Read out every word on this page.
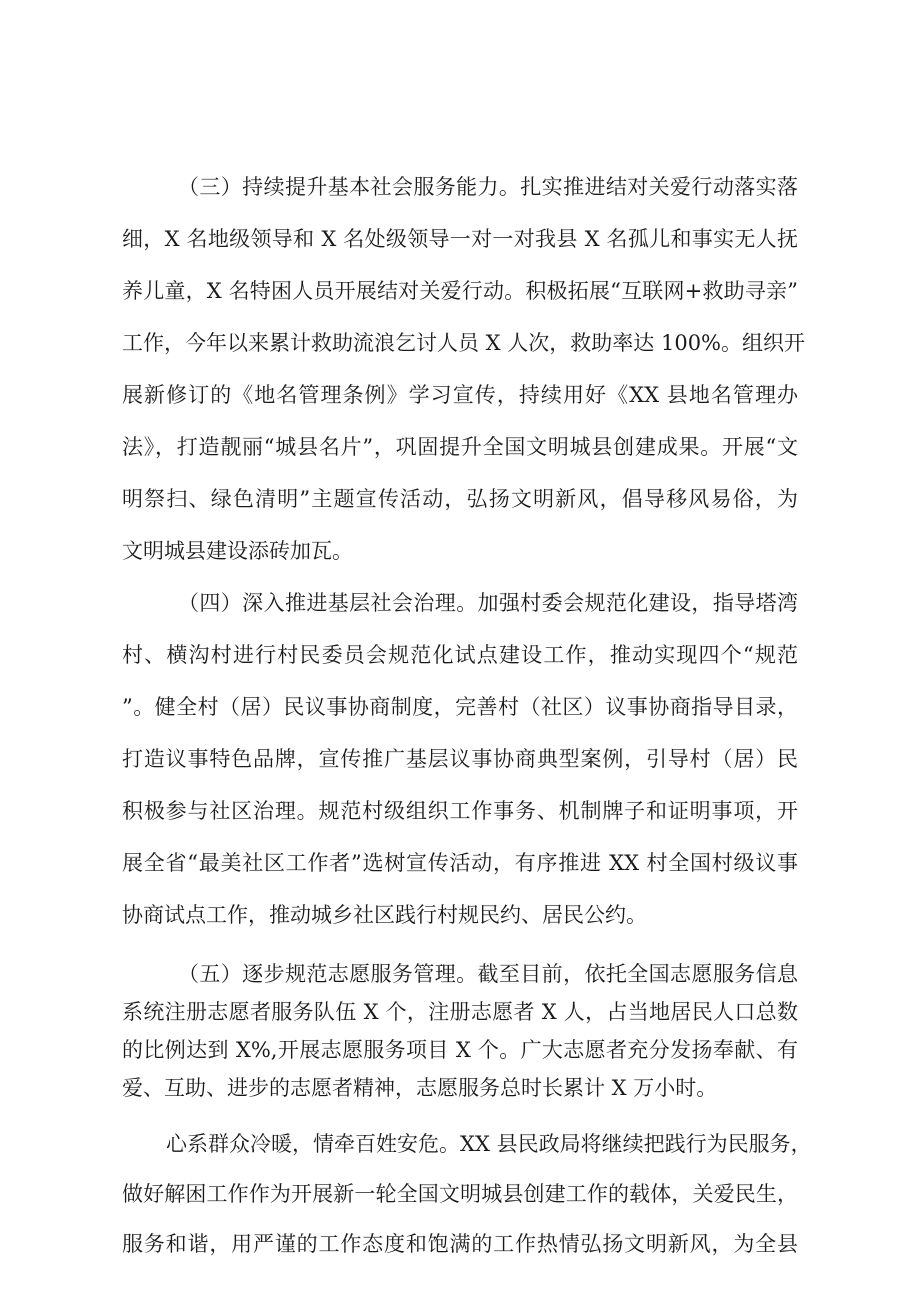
（三）持续提升基本社会服务能力。扎实推进结对关爱行动落实落
细，X 名地级领导和 X 名处级领导一对一对我县 X 名孤儿和事实无人抚
养儿童，X 名特困人员开展结对关爱行动。积极拓展“互联网+救助寻亲”
工作，今年以来累计救助流浪乞讨人员 X 人次，救助率达 100%。组织开
展新修订的《地名管理条例》学习宣传，持续用好《XX 县地名管理办
法》，打造靓丽“城县名片”，巩固提升全国文明城县创建成果。开展“文
明祭扫、绿色清明”主题宣传活动，弘扬文明新风，倡导移风易俗，为
文明城县建设添砖加瓦。
（四）深入推进基层社会治理。加强村委会规范化建设，指导塔湾
村、横沟村进行村民委员会规范化试点建设工作，推动实现四个“规范
”。健全村（居）民议事协商制度，完善村（社区）议事协商指导目录，
打造议事特色品牌，宣传推广基层议事协商典型案例，引导村（居）民
积极参与社区治理。规范村级组织工作事务、机制牌子和证明事项，开
展全省“最美社区工作者”选树宣传活动，有序推进 XX 村全国村级议事
协商试点工作，推动城乡社区践行村规民约、居民公约。
（五）逐步规范志愿服务管理。截至目前，依托全国志愿服务信息
系统注册志愿者服务队伍 X 个，注册志愿者 X 人，占当地居民人口总数
的比例达到 X%,开展志愿服务项目 X 个。广大志愿者充分发扬奉献、有
爱、互助、进步的志愿者精神，志愿服务总时长累计 X 万小时。
心系群众冷暖，情牵百姓安危。XX 县民政局将继续把践行为民服务，
做好解困工作作为开展新一轮全国文明城县创建工作的载体，关爱民生，
服务和谐，用严谨的工作态度和饱满的工作热情弘扬文明新风，为全县
